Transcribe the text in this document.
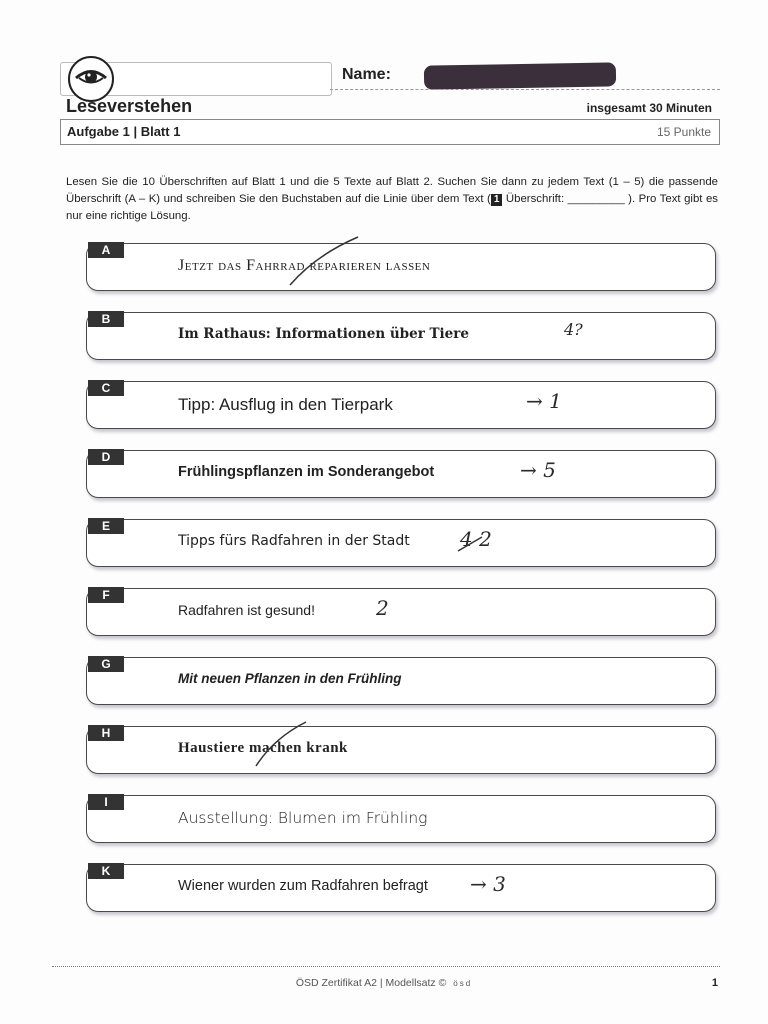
Name:
Leseverstehen	insgesamt 30 Minuten
Aufgabe 1 | Blatt 1	15 Punkte
Lesen Sie die 10 Überschriften auf Blatt 1 und die 5 Texte auf Blatt 2. Suchen Sie dann zu jedem Text (1 – 5) die passende Überschrift (A – K) und schreiben Sie den Buchstaben auf die Linie über dem Text ( 1 Überschrift: _________ ). Pro Text gibt es nur eine richtige Lösung.
A
Jetzt das Fahrrad reparieren lassen
B
Im Rathaus: Informationen über Tiere	4?
C
Tipp: Ausflug in den Tierpark	→ 1
D
Frühlingspflanzen im Sonderangebot	→ 5
E
Tipps fürs Radfahren in der Stadt	4 2
F
Radfahren ist gesund!	2
G
Mit neuen Pflanzen in den Frühling
H
Haustiere machen krank
I
Ausstellung: Blumen im Frühling
K
Wiener wurden zum Radfahren befragt → 3
ÖSD Zertifikat A2 | Modellsatz © ösd	1
